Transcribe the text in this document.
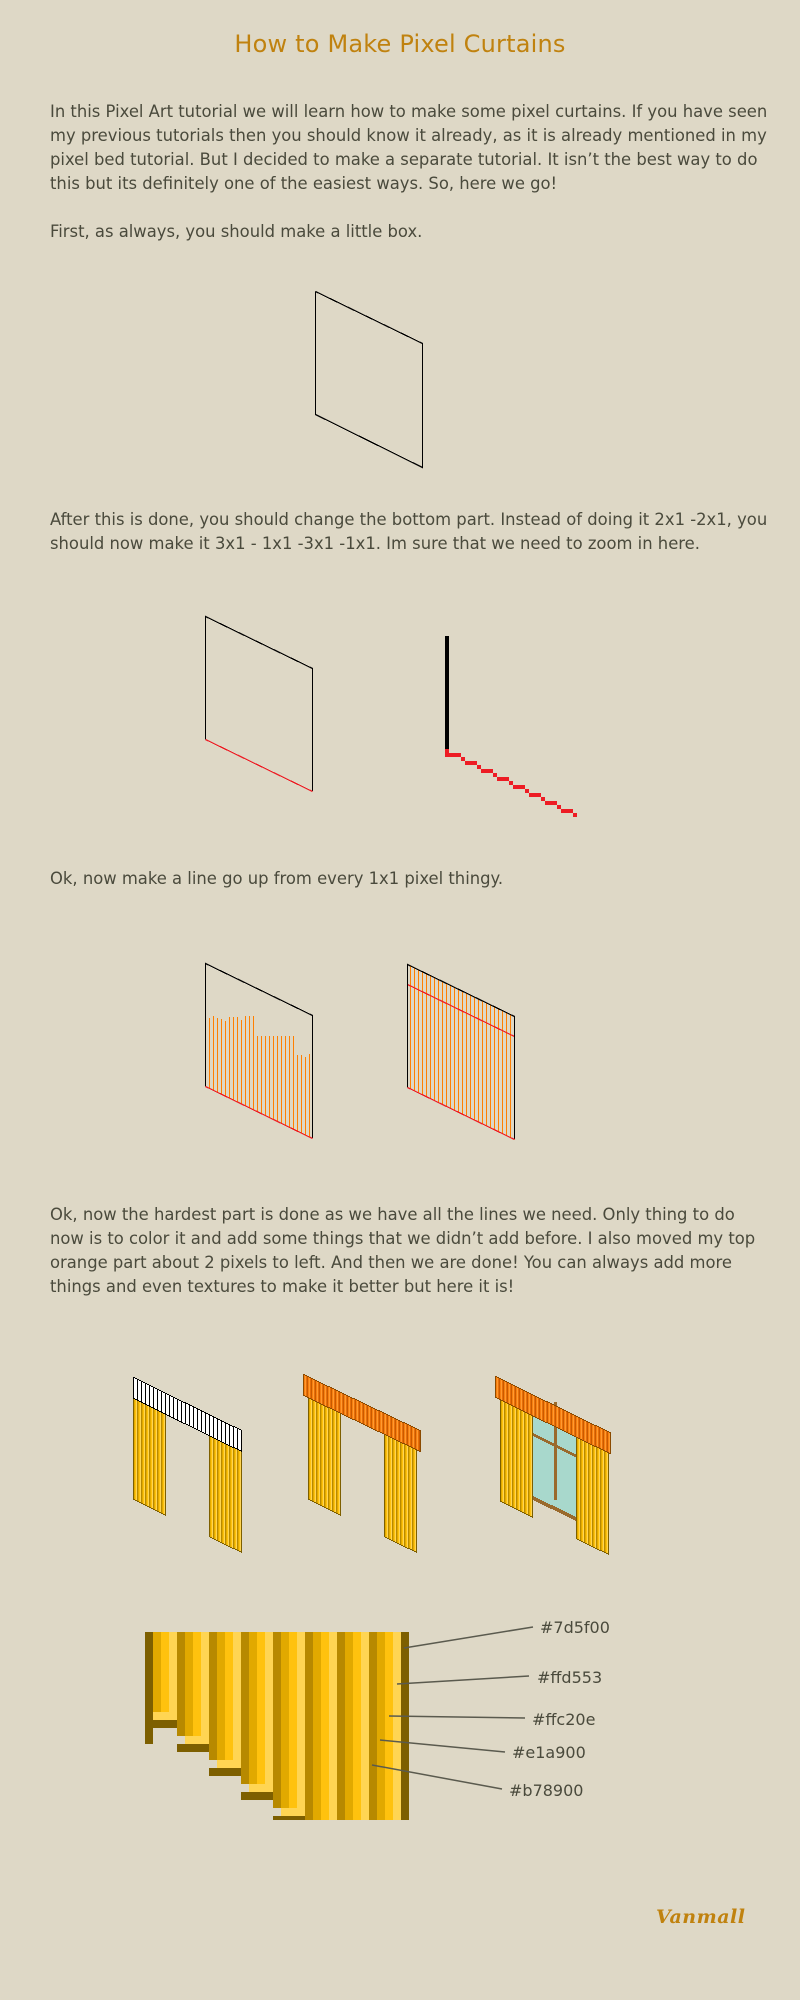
How to Make Pixel Curtains

In this Pixel Art tutorial we will learn how to make some pixel curtains. If you have seen my previous tutorials then you should know it already, as it is already mentioned in my pixel bed tutorial. But I decided to make a separate tutorial. It isn’t the best way to do this but its definitely one of the easiest ways. So, here we go!

First, as always, you should make a little box.

After this is done, you should change the bottom part. Instead of doing it 2x1 -2x1, you should now make it 3x1 - 1x1 -3x1 -1x1. Im sure that we need to zoom in here.

Ok, now make a line go up from every 1x1 pixel thingy.

Ok, now the hardest part is done as we have all the lines we need. Only thing to do now is to color it and add some things that we didn’t add before. I also moved my top orange part about 2 pixels to left. And then we are done! You can always add more things and even textures to make it better but here it is!

#7d5f00
#ffd553
#ffc20e
#e1a900
#b78900
Vanmall
